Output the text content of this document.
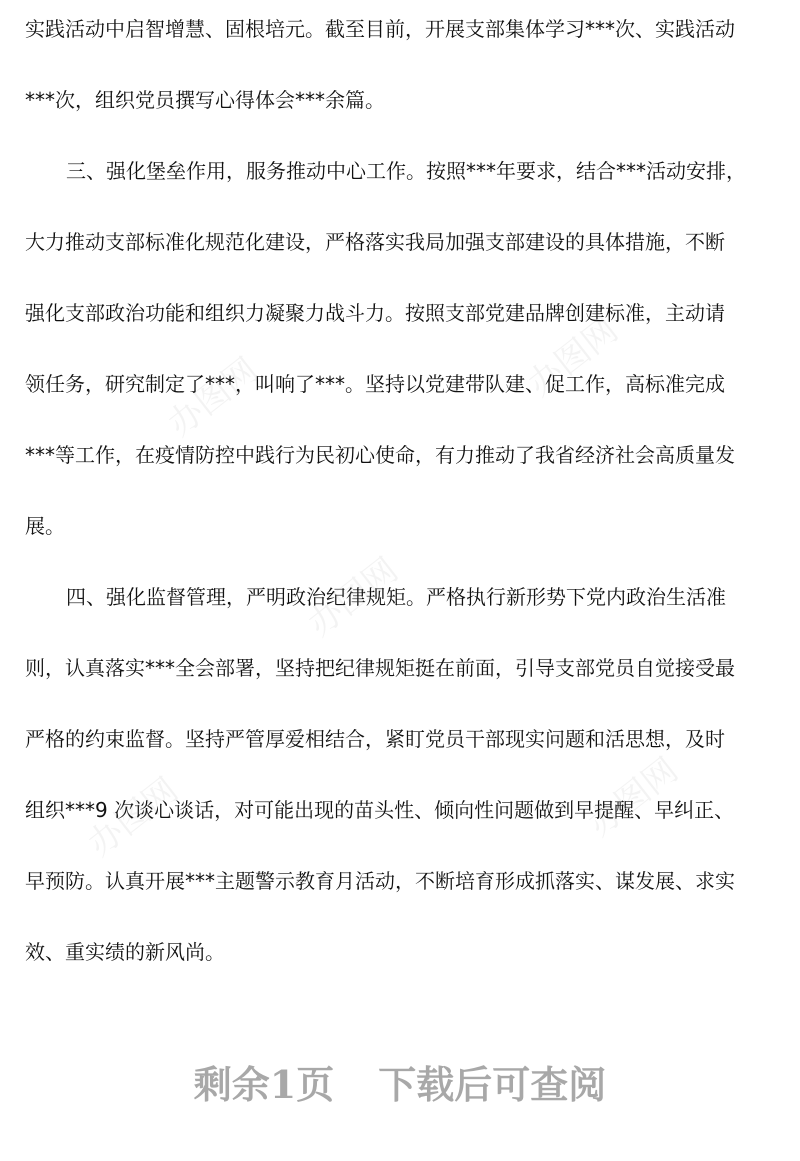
实践活动中启智增慧、固根培元。截至目前，开展支部集体学习***次、实践活动

***次，组织党员撰写心得体会***余篇。

三、强化堡垒作用，服务推动中心工作。按照***年要求，结合***活动安排，

大力推动支部标准化规范化建设，严格落实我局加强支部建设的具体措施，不断

强化支部政治功能和组织力凝聚力战斗力。按照支部党建品牌创建标准，主动请

领任务，研究制定了***，叫响了***。坚持以党建带队建、促工作，高标准完成

***等工作，在疫情防控中践行为民初心使命，有力推动了我省经济社会高质量发

展。

四、强化监督管理，严明政治纪律规矩。严格执行新形势下党内政治生活准

则，认真落实***全会部署，坚持把纪律规矩挺在前面，引导支部党员自觉接受最

严格的约束监督。坚持严管厚爱相结合，紧盯党员干部现实问题和活思想，及时

组织***9 次谈心谈话，对可能出现的苗头性、倾向性问题做到早提醒、早纠正、

早预防。认真开展***主题警示教育月活动，不断培育形成抓落实、谋发展、求实

效、重实绩的新风尚。

办图网	办图网
办图网
办图网	办图网
剩余1页 下载后可查阅
